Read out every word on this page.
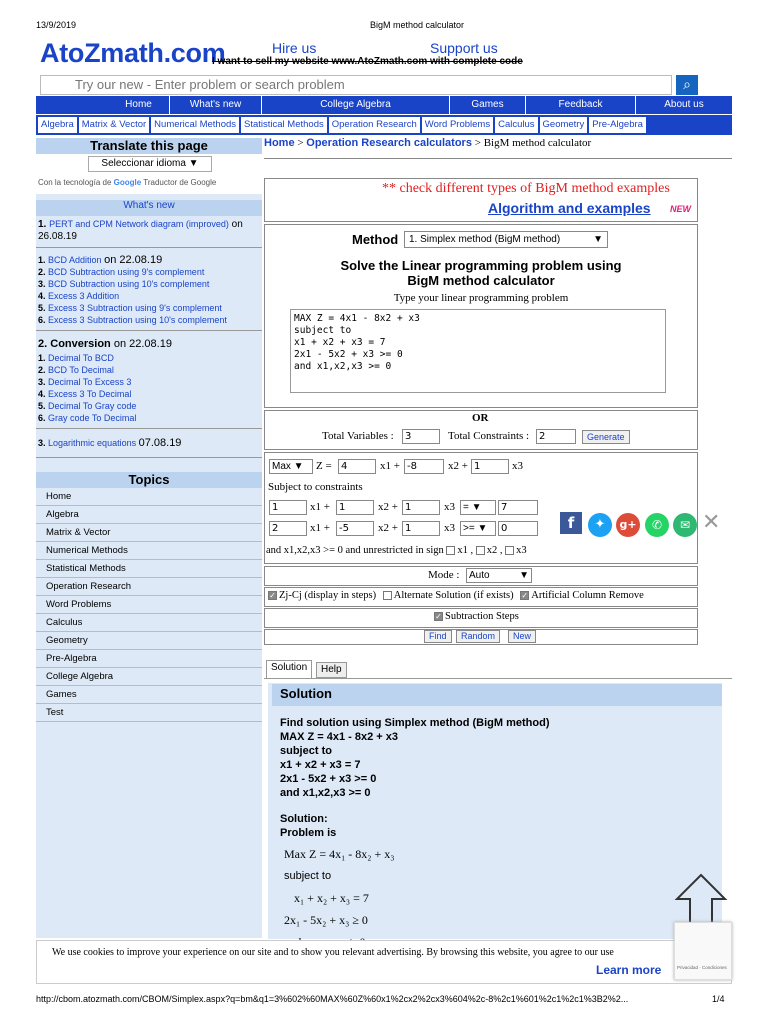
13/9/2019	BigM method calculator
http://cbom.atozmath.com/CBOM/Simplex.aspx?q=bm&q1=3%602%60MAX%60Z%60x1%2cx2%2cx3%604%2c-8%2c1%601%2c1%2c1%3B2%2...	1/4
AtoZmath.com	Hire us	Support us
I want to sell my website www.AtoZmath.com with complete code
Try our new - Enter problem or search problem	⌕
Home	What's new	College Algebra	Games	Feedback	About us
Algebra Matrix & Vector Numerical Methods Statistical Methods Operation Research Word Problems Calculus Geometry Pre-Algebra
Translate this page
Seleccionar idioma ▼
Con la tecnología de Google Traductor de Google
What's new
1. PERT and CPM Network diagram (improved) on 26.08.19
1. BCD Addition on 22.08.19
2. BCD Subtraction using 9's complement
3. BCD Subtraction using 10's complement
4. Excess 3 Addition
5. Excess 3 Subtraction using 9's complement
6. Excess 3 Subtraction using 10's complement
2. Conversion on 22.08.19
1. Decimal To BCD
2. BCD To Decimal
3. Decimal To Excess 3
4. Excess 3 To Decimal
5. Decimal To Gray code
6. Gray code To Decimal
3. Logarithmic equations 07.08.19
Topics
Home
Algebra
Matrix & Vector
Numerical Methods
Statistical Methods
Operation Research
Word Problems
Calculus
Geometry
Pre-Algebra
College Algebra
Games
Test
Home > Operation Research calculators > BigM method calculator
** check different types of BigM method examples
Algorithm and examples NEW
Method	1. Simplex method (BigM method)	▼
Solve the Linear programming problem using
BigM method calculator
Type your linear programming problem
MAX Z = 4x1 - 8x2 + x3
subject to
x1 + x2 + x3 = 7
2x1 - 5x2 + x3 >= 0
and x1,x2,x3 >= 0
OR
Total Variables :	3	Total Constraints : 2	Generate
Max ▼	Z = 4	x1 + -8	x2 + 1	x3
Subject to constraints
1	x1 + 1	x2 + 1	x3 = ▼	7
2	x1 + -5	x2 + 1	x3 >= ▼	0	f	✦	g+	✆	✉ ✕
and x1,x2,x3 >= 0 and unrestricted in sign x1 , x2 , x3
Mode : Auto	▼
✓ Zj-Cj (display in steps) Alternate Solution (if exists) ✓ Artificial Column Remove
✓ Subtraction Steps
Find	Random	New
Solution	Help
Solution
Find solution using Simplex method (BigM method)
MAX Z = 4x1 - 8x2 + x3
subject to
x1 + x2 + x3 = 7
2x1 - 5x2 + x3 >= 0
and x1,x2,x3 >= 0
Solution:
Problem is
Max Z = 4x₁ - 8x₂ + x₃
subject to
x₁ + x₂ + x₃ = 7
2x₁ - 5x₂ + x₃ ≥ 0
We use cookies to improve your experience on our site and to show you relevant advertising. By browsing this website, you agree to our use
Learn more	Privacidad · Condiciones
